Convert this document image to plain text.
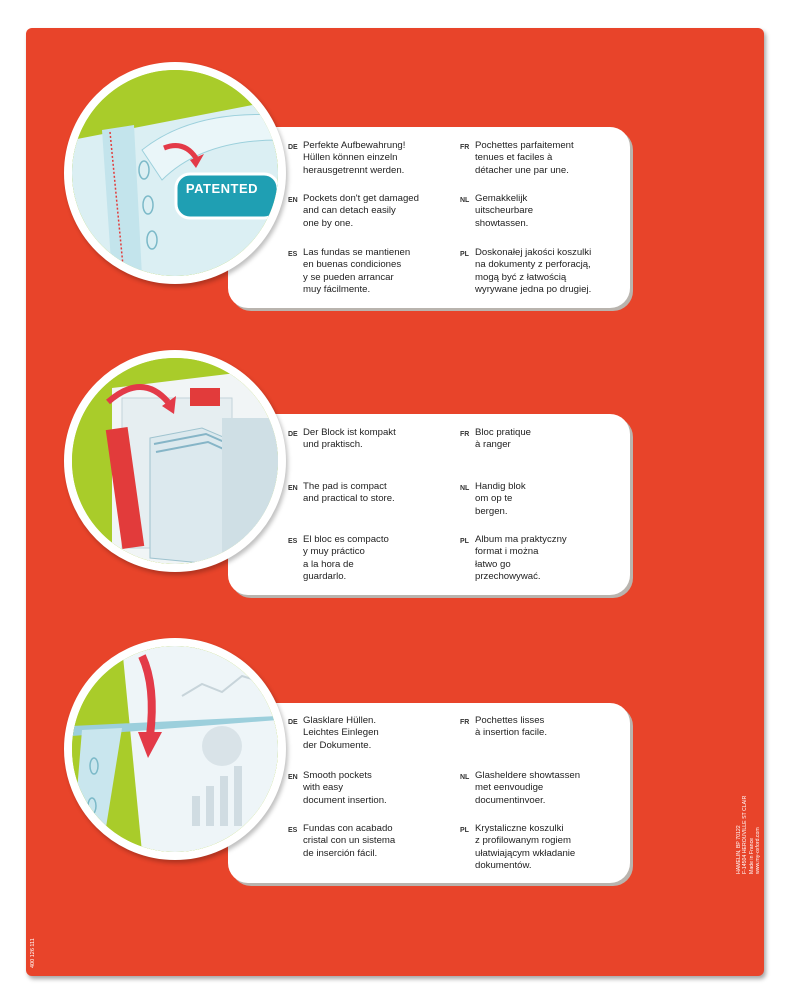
PATENTED
DE Perfekte Aufbewahrung!
Hüllen können einzeln
herausgetrennt werden.
EN Pockets don't get damaged
and can detach easily
one by one.
ES Las fundas se mantienen
en buenas condiciones
y se pueden arrancar
muy fácilmente.
FR Pochettes parfaitement
tenues et faciles à
détacher une par une.
NL Gemakkelijk
uitscheurbare
showtassen.
PL Doskonałej jakości koszulki
na dokumenty z perforacją,
mogą być z łatwością
wyrywane jedna po drugiej.
DE Der Block ist kompakt
und praktisch.
EN The pad is compact
and practical to store.
ES El bloc es compacto
y muy práctico
a la hora de
guardarlo.
FR Bloc pratique
à ranger
NL Handig blok
om op te
bergen.
PL Album ma praktyczny
format i można
łatwo go
przechowywać.
DE Glasklare Hüllen.
Leichtes Einlegen
der Dokumente.
EN Smooth pockets
with easy
document insertion.
ES Fundas con acabado
cristal con un sistema
de inserción fácil.
FR Pochettes lisses
à insertion facile.
NL Glasheldere showtassen
met eenvoudige
documentinvoer.
PL Krystaliczne koszulki
z profilowanym rogiem
ułatwiającym wkładanie
dokumentów.	HAMELIN, BP 70122
F-14504 HEROUVILLE ST CLAIR
Made in France
www.my-oxford.com
400 126 111
